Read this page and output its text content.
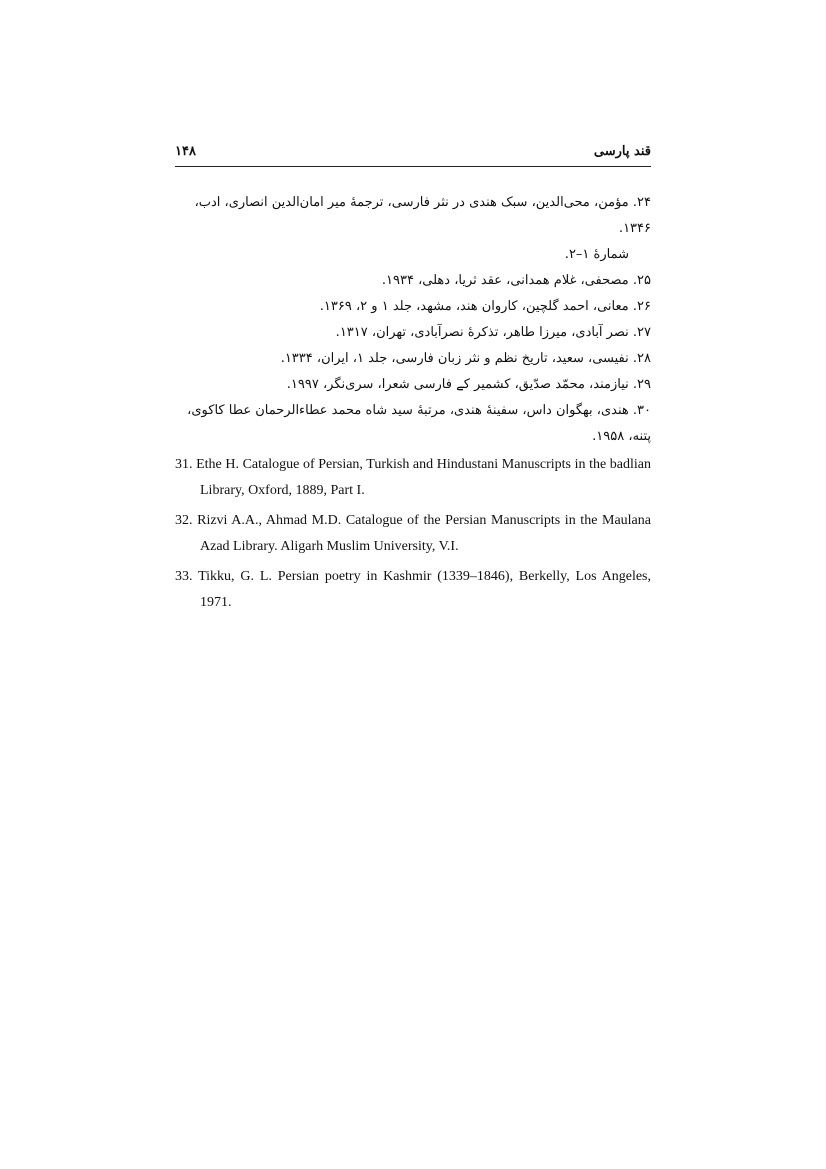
۱۴۸	قند پارسی
۲۴. مؤمن، محی‌الدین، سبک هندی در نثر فارسی، ترجمهٔ میر امان‌الدین انصاری، ادب، ۱۳۴۶.
شمارهٔ ۱–۲.
۲۵. مصحفی، غلام همدانی، عقد ثریا، دهلی، ۱۹۳۴.
۲۶. معانی، احمد گلچین، کاروان هند، مشهد، جلد ۱ و ۲، ۱۳۶۹.
۲۷. نصر آبادی، میرزا طاهر، تذکرهٔ نصرآبادی، تهران، ۱۳۱۷.
۲۸. نفیسی، سعید، تاریخ نظم و نثر زبان فارسی، جلد ۱، ایران، ۱۳۳۴.
۲۹. نیازمند، محمّد صدّیق، کشمیر کے فارسی شعرا، سری‌نگر، ۱۹۹۷.
۳۰. هندی، بهگوان داس، سفینهٔ هندی، مرتبهٔ سید شاه محمد عطاءالرحمان عطا کاکوی، پتنه، ۱۹۵۸.
31. Ethe H. Catalogue of Persian, Turkish and Hindustani Manuscripts in the badlian Library, Oxford, 1889, Part I.
32. Rizvi A.A., Ahmad M.D. Catalogue of the Persian Manuscripts in the Maulana Azad Library. Aligarh Muslim University, V.I.
33. Tikku, G. L. Persian poetry in Kashmir (1339–1846), Berkelly, Los Angeles, 1971.
